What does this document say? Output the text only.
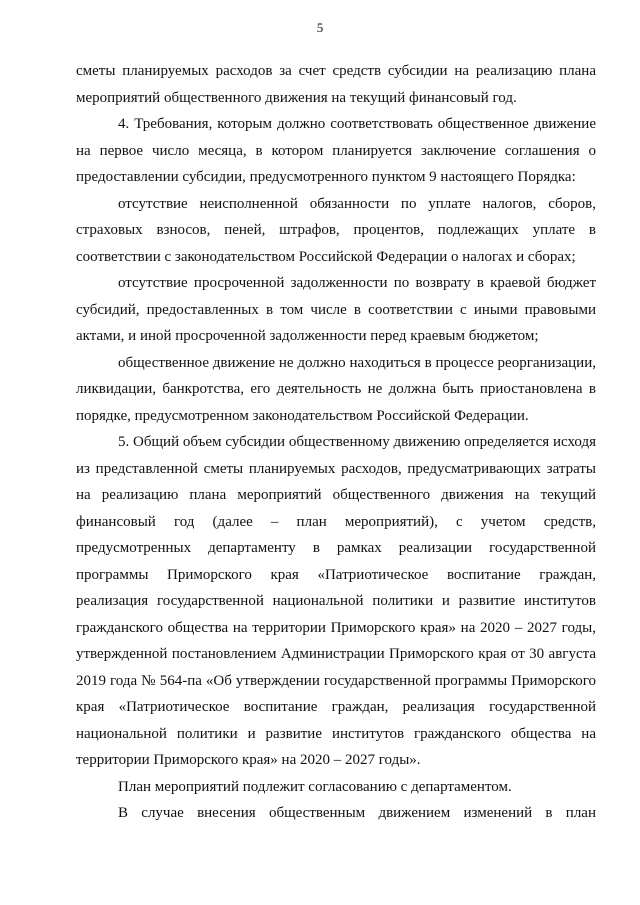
5

сметы планируемых расходов за счет средств субсидии на реализацию плана мероприятий общественного движения на текущий финансовый год.

4. Требования, которым должно соответствовать общественное движение на первое число месяца, в котором планируется заключение соглашения о предоставлении субсидии, предусмотренного пунктом 9 настоящего Порядка:

отсутствие неисполненной обязанности по уплате налогов, сборов, страховых взносов, пеней, штрафов, процентов, подлежащих уплате в соответствии с законодательством Российской Федерации о налогах и сборах;

отсутствие просроченной задолженности по возврату в краевой бюджет субсидий, предоставленных в том числе в соответствии с иными правовыми актами, и иной просроченной задолженности перед краевым бюджетом;

общественное движение не должно находиться в процессе реорганизации, ликвидации, банкротства, его деятельность не должна быть приостановлена в порядке, предусмотренном законодательством Российской Федерации.

5. Общий объем субсидии общественному движению определяется исходя из представленной сметы планируемых расходов, предусматривающих затраты на реализацию плана мероприятий общественного движения на текущий финансовый год (далее – план мероприятий), с учетом средств, предусмотренных департаменту в рамках реализации государственной программы Приморского края «Патриотическое воспитание граждан, реализация государственной национальной политики и развитие институтов гражданского общества на территории Приморского края» на 2020 – 2027 годы, утвержденной постановлением Администрации Приморского края от 30 августа 2019 года № 564-па «Об утверждении государственной программы Приморского края «Патриотическое воспитание граждан, реализация государственной национальной политики и развитие институтов гражданского общества на территории Приморского края» на 2020 – 2027 годы».

План мероприятий подлежит согласованию с департаментом.

В случае внесения общественным движением изменений в план
